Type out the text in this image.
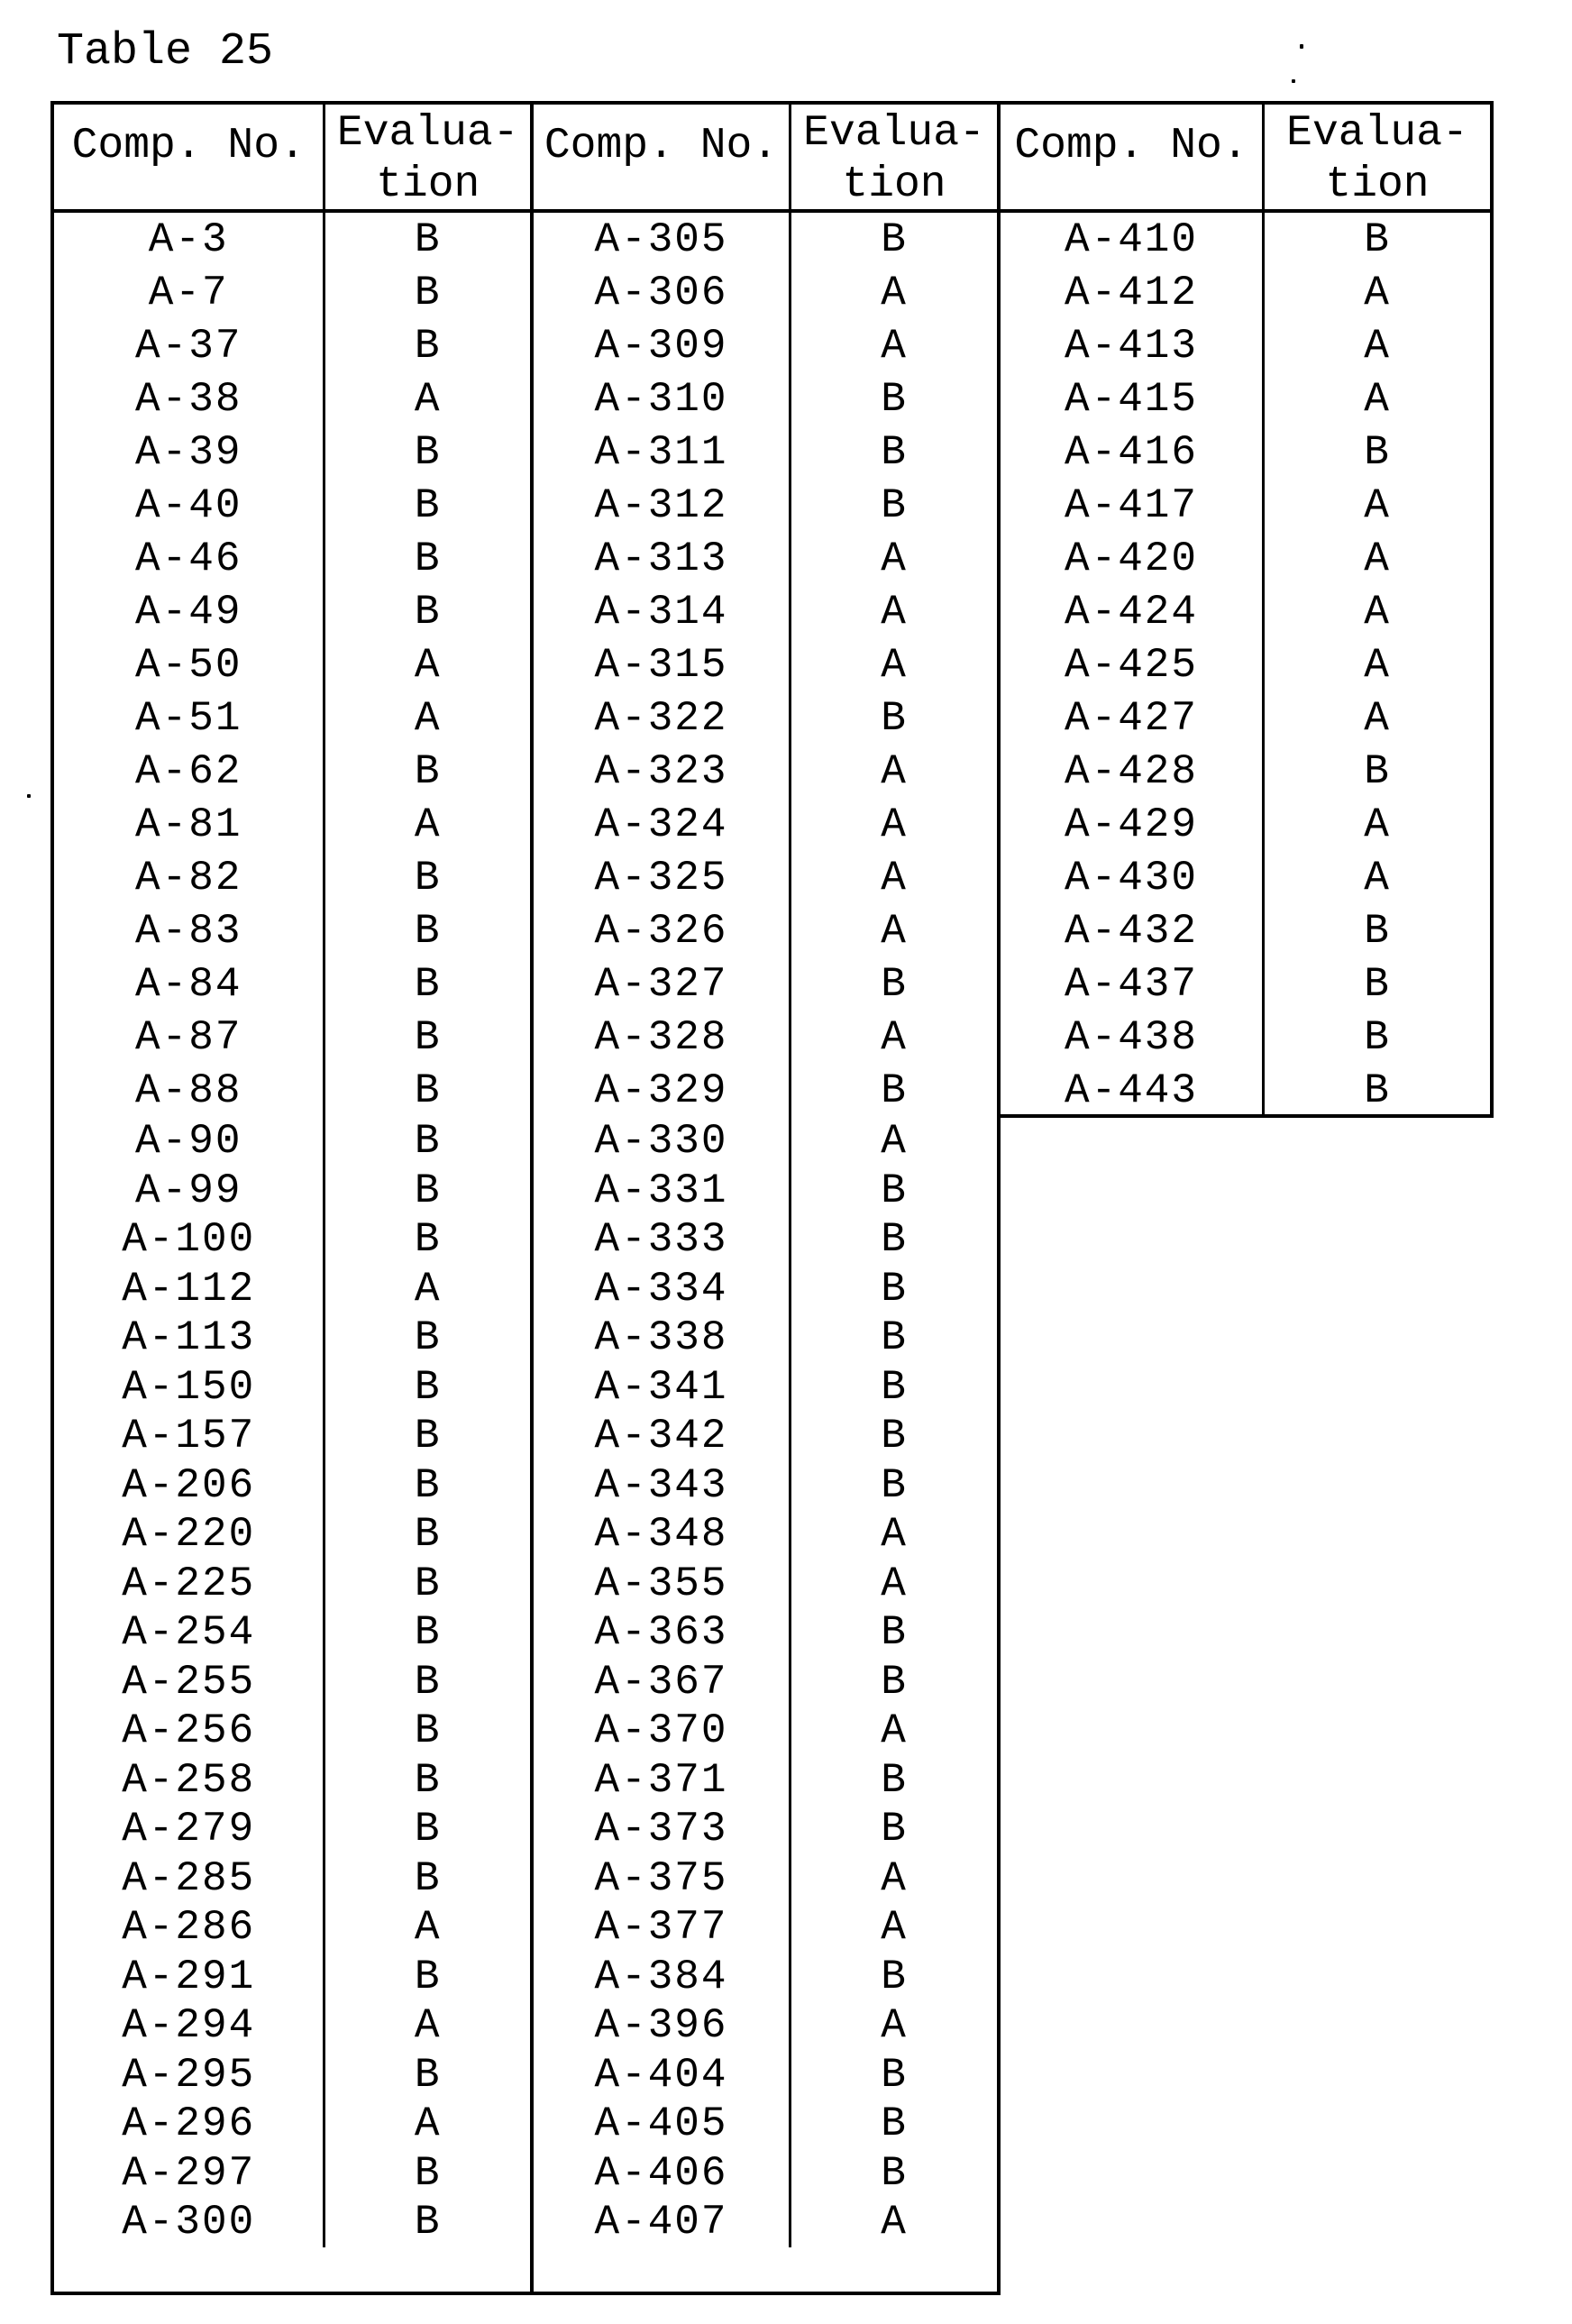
Table 25
Comp. No. Evalua-
tion
A-3
A-7
A-37
A-38
A-39
A-40
A-46
A-49
A-50
A-51
A-62
A-81
A-82
A-83
A-84
A-87
A-88
A-90
A-99
A-100
A-112
A-113
A-150
A-157
A-206
A-220
A-225
A-254
A-255
A-256
A-258
A-279
A-285
A-286
A-291
A-294
A-295
A-296
A-297
A-300
B
B
B
A
B
B
B
B
A
A
B
A
B
B
B
B
B
B
B
B
A
B
B
B
B
B
B
B
B
B
B
B
B
A
B
A
B
A
B
B
Comp. No. Evalua-
tion
A-305
A-306
A-309
A-310
A-311
A-312
A-313
A-314
A-315
A-322
A-323
A-324
A-325
A-326
A-327
A-328
A-329
A-330
A-331
A-333
A-334
A-338
A-341
A-342
A-343
A-348
A-355
A-363
A-367
A-370
A-371
A-373
A-375
A-377
A-384
A-396
A-404
A-405
A-406
A-407
B
A
A
B
B
B
A
A
A
B
A
A
A
A
B
A
B
A
B
B
B
B
B
B
B
A
A
B
B
A
B
B
A
A
B
A
B
B
B
A
Comp. No. Evalua-
tion
A-410
A-412
A-413
A-415
A-416
A-417
A-420
A-424
A-425
A-427
A-428
A-429
A-430
A-432
A-437
A-438
A-443
B
A
A
A
B
A
A
A
A
A
B
A
A
B
B
B
B
